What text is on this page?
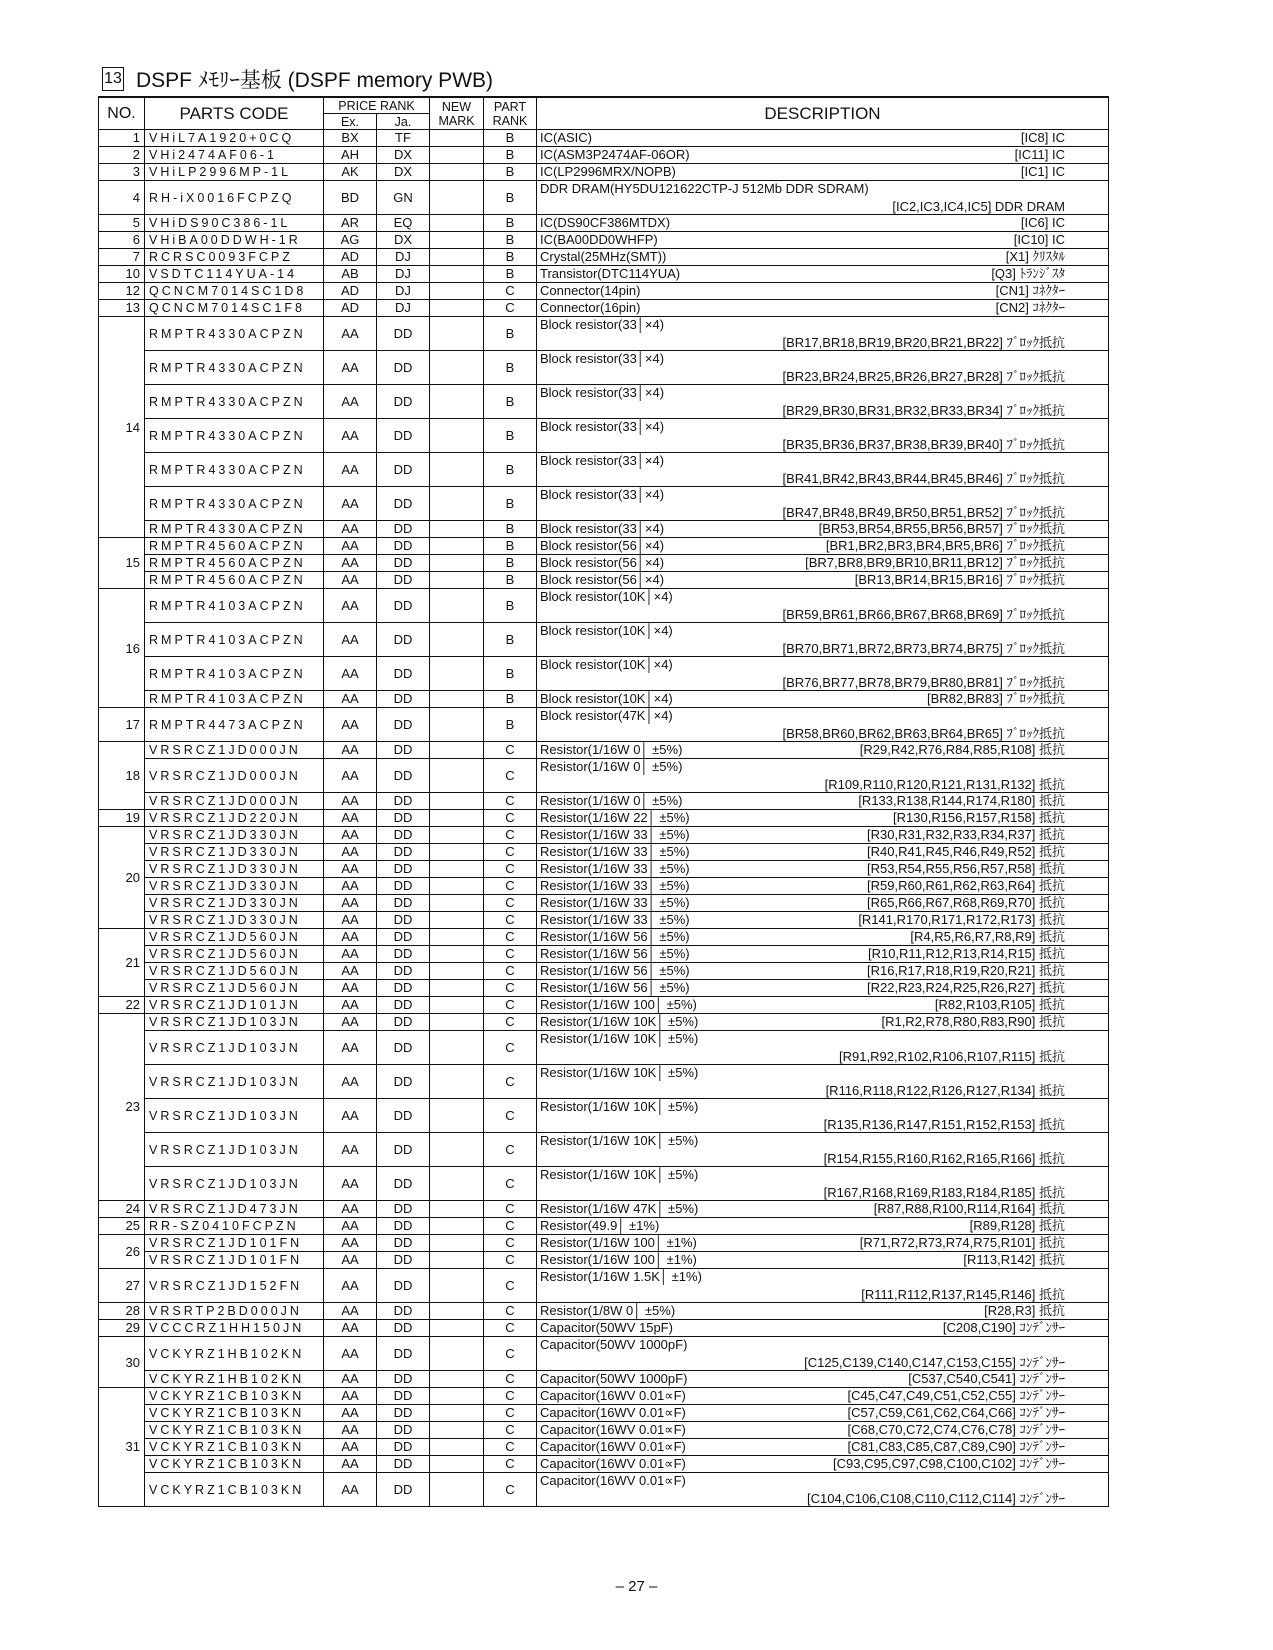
13 DSPF ﾒﾓﾘｰ基板 (DSPF memory PWB)
NO.	PARTS CODE	PRICE RANK		NEW MARK	PART RANK	DESCRIPTION
		Ex.	Ja.			
1	VHiL7A1920+0CQ	BX	TF		B	IC(ASIC) [IC8] IC

2	VHi2474AF06-1	AH	DX		B	IC(ASM3P2474AF-06OR) [IC11] IC

3	VHiLP2996MP-1L	AK	DX		B	IC(LP2996MRX/NOPB) [IC1] IC

4	RH-iX0016FCPZQ	BD	GN		B	DDR DRAM(HY5DU121622CTP-J 512Mb DDR SDRAM)
[IC2,IC3,IC4,IC5] DDR DRAM

5	VHiDS90C386-1L	AR	EQ		B	IC(DS90CF386MTDX) [IC6] IC

6	VHiBA00DDWH-1R	AG	DX		B	IC(BA00DD0WHFP) [IC10] IC

7	RCRSC0093FCPZ	AD	DJ		B	Crystal(25MHz(SMT)) [X1] ｸﾘｽﾀﾙ

10	VSDTC114YUA-14	AB	DJ		B	Transistor(DTC114YUA) [Q3] ﾄﾗﾝｼﾞｽﾀ

12	QCNCM7014SC1D8	AD	DJ		C	Connector(14pin) [CN1] ｺﾈｸﾀｰ

13	QCNCM7014SC1F8	AD	DJ		C	Connector(16pin) [CN2] ｺﾈｸﾀｰ

14	RMPTR4330ACPZN	AA	DD		B	Block resistor(33│×4)
[BR17,BR18,BR19,BR20,BR21,BR22] ﾌﾞﾛｯｸ抵抗

	RMPTR4330ACPZN	AA	DD		B	Block resistor(33│×4)
[BR23,BR24,BR25,BR26,BR27,BR28] ﾌﾞﾛｯｸ抵抗

	RMPTR4330ACPZN	AA	DD		B	Block resistor(33│×4)
[BR29,BR30,BR31,BR32,BR33,BR34] ﾌﾞﾛｯｸ抵抗

	RMPTR4330ACPZN	AA	DD		B	Block resistor(33│×4)
[BR35,BR36,BR37,BR38,BR39,BR40] ﾌﾞﾛｯｸ抵抗

	RMPTR4330ACPZN	AA	DD		B	Block resistor(33│×4)
[BR41,BR42,BR43,BR44,BR45,BR46] ﾌﾞﾛｯｸ抵抗

	RMPTR4330ACPZN	AA	DD		B	Block resistor(33│×4)
[BR47,BR48,BR49,BR50,BR51,BR52] ﾌﾞﾛｯｸ抵抗

	RMPTR4330ACPZN	AA	DD		B	Block resistor(33│×4) [BR53,BR54,BR55,BR56,BR57] ﾌﾞﾛｯｸ抵抗

15	RMPTR4560ACPZN	AA	DD		B	Block resistor(56│×4) [BR1,BR2,BR3,BR4,BR5,BR6] ﾌﾞﾛｯｸ抵抗

	RMPTR4560ACPZN	AA	DD		B	Block resistor(56│×4) [BR7,BR8,BR9,BR10,BR11,BR12] ﾌﾞﾛｯｸ抵抗

	RMPTR4560ACPZN	AA	DD		B	Block resistor(56│×4) [BR13,BR14,BR15,BR16] ﾌﾞﾛｯｸ抵抗

16	RMPTR4103ACPZN	AA	DD		B	Block resistor(10K│×4)
[BR59,BR61,BR66,BR67,BR68,BR69] ﾌﾞﾛｯｸ抵抗

	RMPTR4103ACPZN	AA	DD		B	Block resistor(10K│×4)
[BR70,BR71,BR72,BR73,BR74,BR75] ﾌﾞﾛｯｸ抵抗

	RMPTR4103ACPZN	AA	DD		B	Block resistor(10K│×4)
[BR76,BR77,BR78,BR79,BR80,BR81] ﾌﾞﾛｯｸ抵抗

	RMPTR4103ACPZN	AA	DD		B	Block resistor(10K│×4) [BR82,BR83] ﾌﾞﾛｯｸ抵抗

17	RMPTR4473ACPZN	AA	DD		B	Block resistor(47K│×4)
[BR58,BR60,BR62,BR63,BR64,BR65] ﾌﾞﾛｯｸ抵抗

18	VRSRCZ1JD000JN	AA	DD		C	Resistor(1/16W 0│ ±5%) [R29,R42,R76,R84,R85,R108] 抵抗

	VRSRCZ1JD000JN	AA	DD		C	Resistor(1/16W 0│ ±5%)
[R109,R110,R120,R121,R131,R132] 抵抗

	VRSRCZ1JD000JN	AA	DD		C	Resistor(1/16W 0│ ±5%) [R133,R138,R144,R174,R180] 抵抗

19	VRSRCZ1JD220JN	AA	DD		C	Resistor(1/16W 22│ ±5%) [R130,R156,R157,R158] 抵抗

20	VRSRCZ1JD330JN	AA	DD		C	Resistor(1/16W 33│ ±5%) [R30,R31,R32,R33,R34,R37] 抵抗

	VRSRCZ1JD330JN	AA	DD		C	Resistor(1/16W 33│ ±5%) [R40,R41,R45,R46,R49,R52] 抵抗

	VRSRCZ1JD330JN	AA	DD		C	Resistor(1/16W 33│ ±5%) [R53,R54,R55,R56,R57,R58] 抵抗

	VRSRCZ1JD330JN	AA	DD		C	Resistor(1/16W 33│ ±5%) [R59,R60,R61,R62,R63,R64] 抵抗

	VRSRCZ1JD330JN	AA	DD		C	Resistor(1/16W 33│ ±5%) [R65,R66,R67,R68,R69,R70] 抵抗

	VRSRCZ1JD330JN	AA	DD		C	Resistor(1/16W 33│ ±5%) [R141,R170,R171,R172,R173] 抵抗

21	VRSRCZ1JD560JN	AA	DD		C	Resistor(1/16W 56│ ±5%) [R4,R5,R6,R7,R8,R9] 抵抗

	VRSRCZ1JD560JN	AA	DD		C	Resistor(1/16W 56│ ±5%) [R10,R11,R12,R13,R14,R15] 抵抗

	VRSRCZ1JD560JN	AA	DD		C	Resistor(1/16W 56│ ±5%) [R16,R17,R18,R19,R20,R21] 抵抗

	VRSRCZ1JD560JN	AA	DD		C	Resistor(1/16W 56│ ±5%) [R22,R23,R24,R25,R26,R27] 抵抗

22	VRSRCZ1JD101JN	AA	DD		C	Resistor(1/16W 100│ ±5%) [R82,R103,R105] 抵抗

23	VRSRCZ1JD103JN	AA	DD		C	Resistor(1/16W 10K│ ±5%) [R1,R2,R78,R80,R83,R90] 抵抗

	VRSRCZ1JD103JN	AA	DD		C	Resistor(1/16W 10K│ ±5%)
[R91,R92,R102,R106,R107,R115] 抵抗

	VRSRCZ1JD103JN	AA	DD		C	Resistor(1/16W 10K│ ±5%)
[R116,R118,R122,R126,R127,R134] 抵抗

	VRSRCZ1JD103JN	AA	DD		C	Resistor(1/16W 10K│ ±5%)
[R135,R136,R147,R151,R152,R153] 抵抗

	VRSRCZ1JD103JN	AA	DD		C	Resistor(1/16W 10K│ ±5%)
[R154,R155,R160,R162,R165,R166] 抵抗

	VRSRCZ1JD103JN	AA	DD		C	Resistor(1/16W 10K│ ±5%)
[R167,R168,R169,R183,R184,R185] 抵抗

24	VRSRCZ1JD473JN	AA	DD		C	Resistor(1/16W 47K│ ±5%) [R87,R88,R100,R114,R164] 抵抗

25	RR-SZ0410FCPZN	AA	DD		C	Resistor(49.9│ ±1%) [R89,R128] 抵抗

26	VRSRCZ1JD101FN	AA	DD		C	Resistor(1/16W 100│ ±1%) [R71,R72,R73,R74,R75,R101] 抵抗

	VRSRCZ1JD101FN	AA	DD		C	Resistor(1/16W 100│ ±1%) [R113,R142] 抵抗

27	VRSRCZ1JD152FN	AA	DD		C	Resistor(1/16W 1.5K│ ±1%)
[R111,R112,R137,R145,R146] 抵抗

28	VRSRTP2BD000JN	AA	DD		C	Resistor(1/8W 0│ ±5%) [R28,R3] 抵抗

29	VCCCRZ1HH150JN	AA	DD		C	Capacitor(50WV 15pF) [C208,C190] ｺﾝﾃﾞﾝｻｰ

30	VCKYRZ1HB102KN	AA	DD		C	Capacitor(50WV 1000pF)
[C125,C139,C140,C147,C153,C155] ｺﾝﾃﾞﾝｻｰ

	VCKYRZ1HB102KN	AA	DD		C	Capacitor(50WV 1000pF) [C537,C540,C541] ｺﾝﾃﾞﾝｻｰ

31	VCKYRZ1CB103KN	AA	DD		C	Capacitor(16WV 0.01∝F) [C45,C47,C49,C51,C52,C55] ｺﾝﾃﾞﾝｻｰ

	VCKYRZ1CB103KN	AA	DD		C	Capacitor(16WV 0.01∝F) [C57,C59,C61,C62,C64,C66] ｺﾝﾃﾞﾝｻｰ

	VCKYRZ1CB103KN	AA	DD		C	Capacitor(16WV 0.01∝F) [C68,C70,C72,C74,C76,C78] ｺﾝﾃﾞﾝｻｰ

	VCKYRZ1CB103KN	AA	DD		C	Capacitor(16WV 0.01∝F) [C81,C83,C85,C87,C89,C90] ｺﾝﾃﾞﾝｻｰ

	VCKYRZ1CB103KN	AA	DD		C	Capacitor(16WV 0.01∝F) [C93,C95,C97,C98,C100,C102] ｺﾝﾃﾞﾝｻｰ

	VCKYRZ1CB103KN	AA	DD		C	Capacitor(16WV 0.01∝F)
[C104,C106,C108,C110,C112,C114] ｺﾝﾃﾞﾝｻｰ
– 27 –
